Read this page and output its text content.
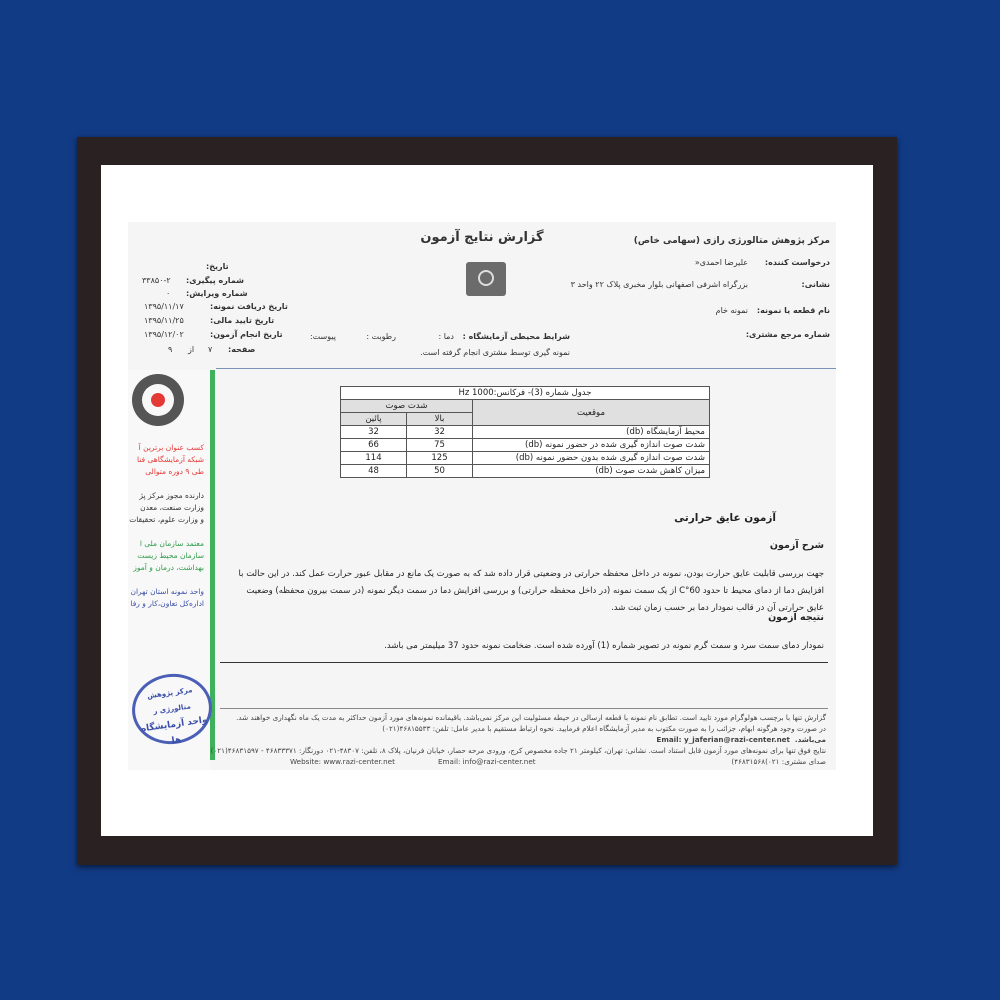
گزارش نتایج آزمون	مرکز پژوهش متالورژی رازی (سهامی خاص)
درخواست کننده:
علیرضا احمدی‌«
نشانی:
بزرگراه اشرفی اصفهانی بلوار مخبری پلاک ۲۲ واحد ۳
نام قطعه یا نمونه:
نمونه خام
شماره مرجع مشتری:
تاریخ:
شماره پیگیری:
۳۳۸۵۰-۲
شماره ویرایش:
۰
تاریخ دریافت نمونه:
۱۳۹۵/۱۱/۱۷
تاریخ تایید مالی:
۱۳۹۵/۱۱/۲۵
تاریخ انجام آزمون:
۱۳۹۵/۱۲/۰۲
صفحه:
۷
از
۹
شرایط محیطی آزمایشگاه :
دما :
رطوبت :
پیوست:
نمونه گیری توسط مشتری انجام گرفته است.
کسب عنوان برترین آ
شبکه آزمایشگاهی فنا
طی ۹ دوره متوالی
دارنده مجوز مرکز پژ
وزارت صنعت، معدن
و وزارت علوم، تحقیقات
معتمد سازمان ملی ا
سازمان محیط زیست
بهداشت، درمان و آموز
واحد نمونه استان تهران
اداره‌کل تعاون،کار و رفا
مرکز پژوهش متالورژی ر
واحد آزمایشگاه ها
جدول شماره (3)- فرکانس:1000 Hz		
موقعیت	شدت صوت	
	بالا	پائین
محیط آزمایشگاه (db)	32	32
شدت صوت اندازه گیری شده در حضور نمونه (db)	75	66
شدت صوت اندازه گیری شده بدون حضور نمونه (db)	125	114
میزان کاهش شدت صوت (db)	50	48
آزمون عایق حرارتی
شرح آزمون
جهت بررسی قابلیت عایق حرارت بودن، نمونه در داخل محفظه حرارتی در وضعیتی قرار داده شد که به صورت یک مانع در مقابل عبور حرارت عمل کند. در این حالت با افزایش دما از دمای محیط تا حدود 60°C از یک سمت نمونه (در داخل محفظه حرارتی) و بررسی افزایش دما در سمت دیگر نمونه (در سمت بیرون محفظه) وضعیت عایق حرارتی آن در قالب نمودار دما بر حسب زمان ثبت شد.
نتیجه آزمون
نمودار دمای سمت سرد و سمت گرم نمونه در تصویر شماره (1) آورده شده است. ضخامت نمونه حدود 37 میلیمتر می باشد.
گزارش تنها با برچسب هولوگرام مورد تایید است. تطابق نام نمونه با قطعه ارسالی در حیطه مسئولیت این مرکز نمی‌باشد. باقیمانده نمونه‌های مورد آزمون حداکثر به مدت یک ماه نگهداری خواهند شد.
در صورت وجود هرگونه ابهام، جزائب را به صورت مکتوب به مدیر آزمایشگاه اعلام فرمایید. نحوه ارتباط مستقیم با مدیر عامل: تلفن: ۴۶۸۱۵۵۳۳(۰۲۱)
می‌باشد.
Email: y_jaferian@razi-center.net
نتایج فوق تنها برای نمونه‌های مورد آزمون قابل استناد است. نشانی: تهران، کیلومتر ۲۱ جاده مخصوص کرج، ورودی مرحه حصار، خیابان فرنیان، پلاک ۸، تلفن: ۴۸۳۰۷-۰۲۱ دورنگار: ۴۶۸۳۳۳۷۱ - ۴۶۸۳۱۵۹۷(۰۲۱)
صدای مشتری: ۰۲۱)۴۶۸۳۱۵۶۸)
Website: www.razi-center.net	Email: info@razi-center.net
